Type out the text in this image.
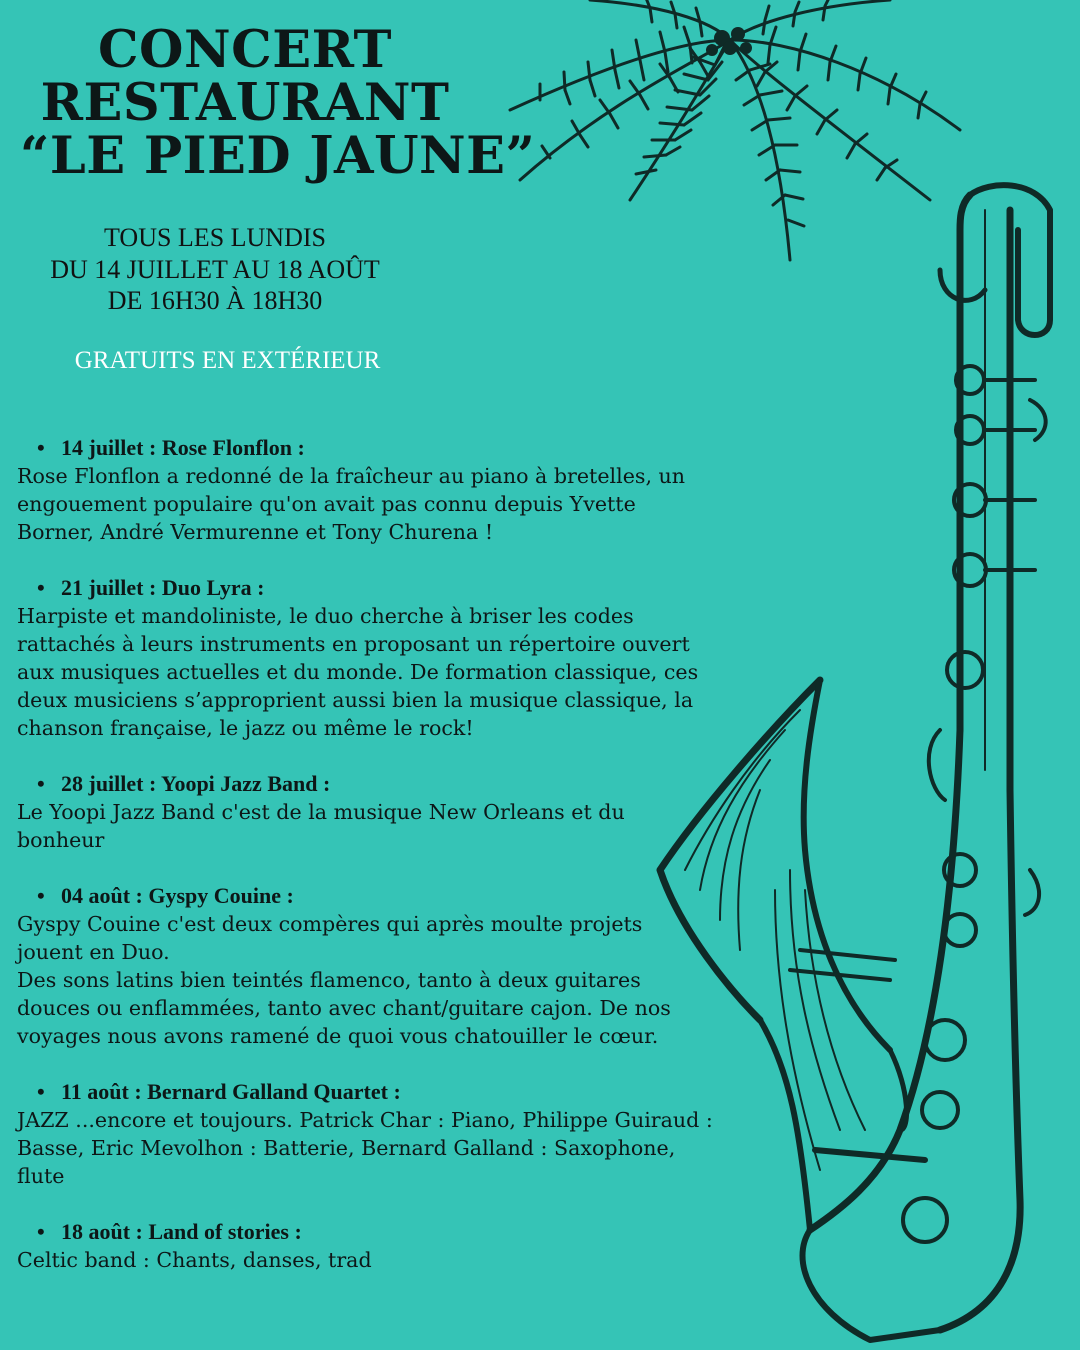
CONCERT
RESTAURANT
“LE PIED JAUNE”
TOUS LES LUNDIS
DU 14 JUILLET AU 18 AOÛT
DE 16H30 À 18H30
GRATUITS EN EXTÉRIEUR
• 14 juillet : Rose Flonflon :
Rose Flonflon a redonné de la fraîcheur au piano à bretelles, un
engouement populaire qu'on avait pas connu depuis Yvette
Borner, André Vermurenne et Tony Churena !
• 21 juillet : Duo Lyra :
Harpiste et mandoliniste, le duo cherche à briser les codes
rattachés à leurs instruments en proposant un répertoire ouvert
aux musiques actuelles et du monde. De formation classique, ces
deux musiciens s’approprient aussi bien la musique classique, la
chanson française, le jazz ou même le rock!
• 28 juillet : Yoopi Jazz Band :
Le Yoopi Jazz Band c'est de la musique New Orleans et du
bonheur
• 04 août : Gyspy Couine :
Gyspy Couine c'est deux compères qui après moulte projets
jouent en Duo.
Des sons latins bien teintés flamenco, tanto à deux guitares
douces ou enflammées, tanto avec chant/guitare cajon. De nos
voyages nous avons ramené de quoi vous chatouiller le cœur.
• 11 août : Bernard Galland Quartet :
JAZZ ...encore et toujours. Patrick Char : Piano, Philippe Guiraud :
Basse, Eric Mevolhon : Batterie, Bernard Galland : Saxophone,
flute
• 18 août : Land of stories :
Celtic band : Chants, danses, trad
